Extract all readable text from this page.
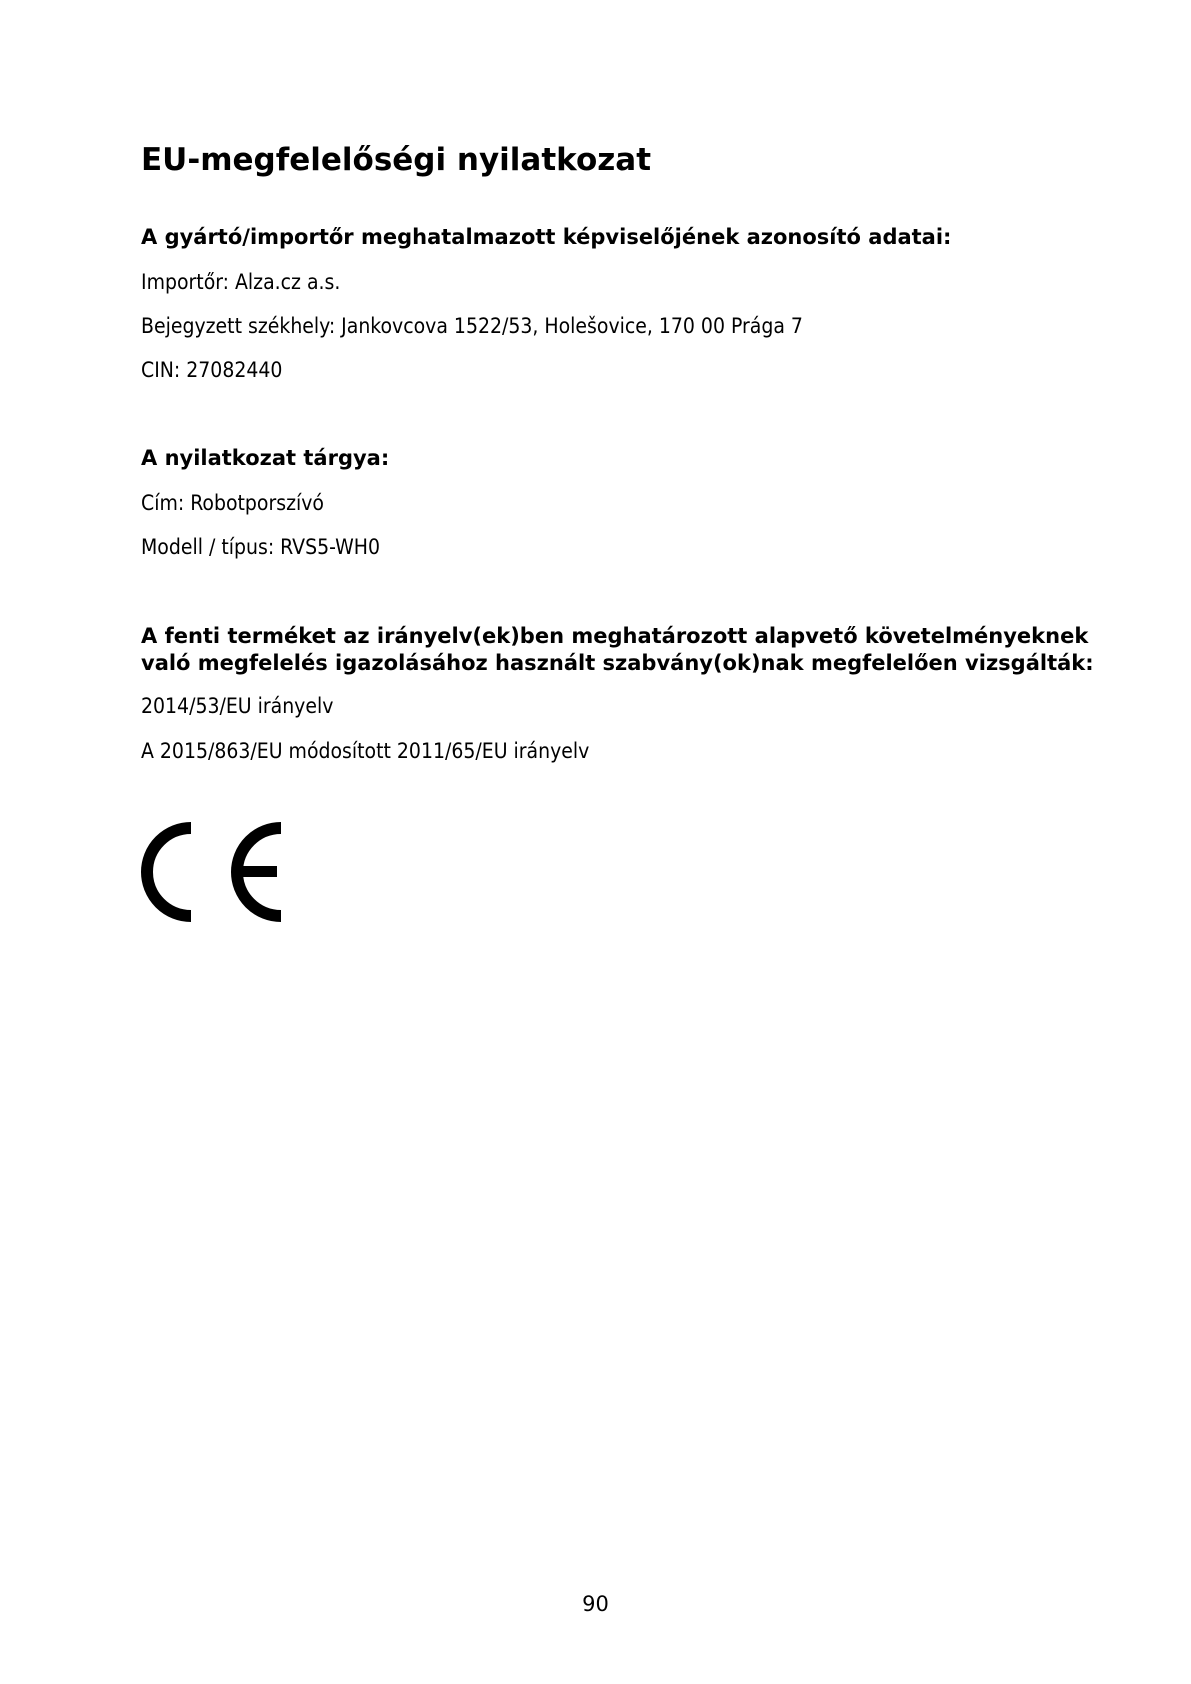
EU-megfelelőségi nyilatkozat
A gyártó/importőr meghatalmazott képviselőjének azonosító adatai:
Importőr: Alza.cz a.s.
Bejegyzett székhely: Jankovcova 1522/53, Holešovice, 170 00 Prága 7
CIN: 27082440
A nyilatkozat tárgya:
Cím: Robotporszívó
Modell / típus: RVS5-WH0
A fenti terméket az irányelv(ek)ben meghatározott alapvető követelményeknek
való megfelelés igazolásához használt szabvány(ok)nak megfelelően vizsgálták:
2014/53/EU irányelv
A 2015/863/EU módosított 2011/65/EU irányelv
90
